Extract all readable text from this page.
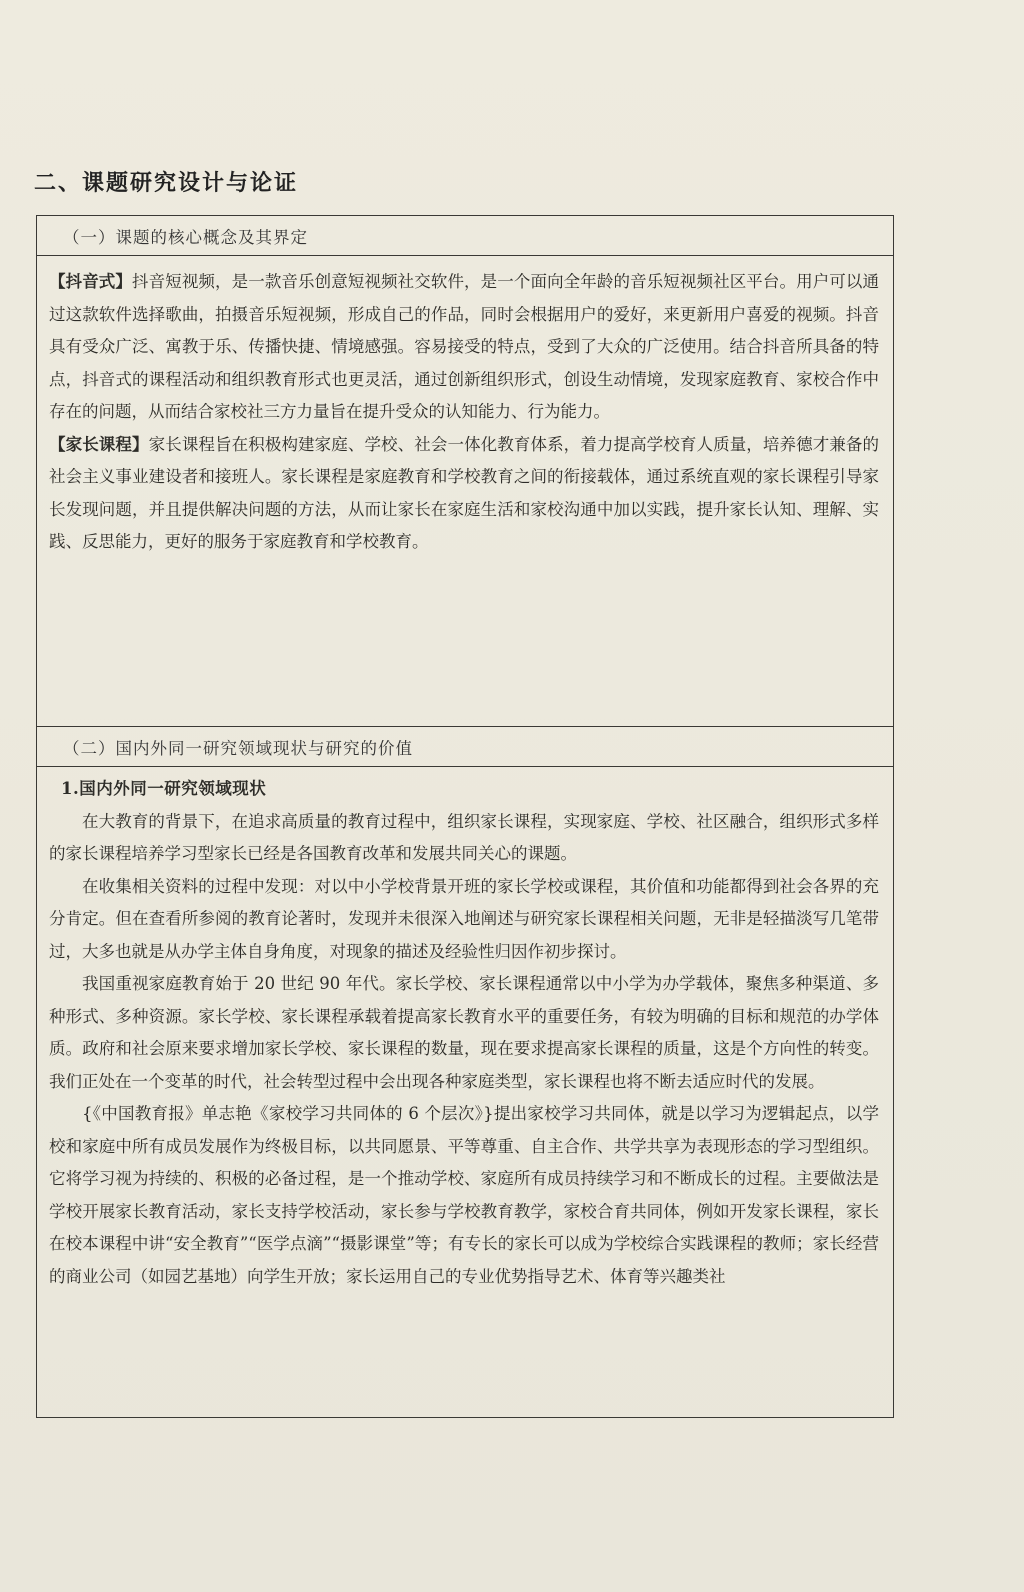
二、课题研究设计与论证
（一）课题的核心概念及其界定

【抖音式】抖音短视频，是一款音乐创意短视频社交软件，是一个面向全年龄的音乐短视频社区平台。用户可以通过这款软件选择歌曲，拍摄音乐短视频，形成自己的作品，同时会根据用户的爱好，来更新用户喜爱的视频。抖音具有受众广泛、寓教于乐、传播快捷、情境感强。容易接受的特点，受到了大众的广泛使用。结合抖音所具备的特点，抖音式的课程活动和组织教育形式也更灵活，通过创新组织形式，创设生动情境，发现家庭教育、家校合作中存在的问题，从而结合家校社三方力量旨在提升受众的认知能力、行为能力。

【家长课程】家长课程旨在积极构建家庭、学校、社会一体化教育体系，着力提高学校育人质量，培养德才兼备的社会主义事业建设者和接班人。家长课程是家庭教育和学校教育之间的衔接载体，通过系统直观的家长课程引导家长发现问题，并且提供解决问题的方法，从而让家长在家庭生活和家校沟通中加以实践，提升家长认知、理解、实践、反思能力，更好的服务于家庭教育和学校教育。

（二）国内外同一研究领域现状与研究的价值

1.国内外同一研究领域现状

在大教育的背景下，在追求高质量的教育过程中，组织家长课程，实现家庭、学校、社区融合，组织形式多样的家长课程培养学习型家长已经是各国教育改革和发展共同关心的课题。

在收集相关资料的过程中发现：对以中小学校背景开班的家长学校或课程，其价值和功能都得到社会各界的充分肯定。但在查看所参阅的教育论著时，发现并未很深入地阐述与研究家长课程相关问题，无非是轻描淡写几笔带过，大多也就是从办学主体自身角度，对现象的描述及经验性归因作初步探讨。

我国重视家庭教育始于 20 世纪 90 年代。家长学校、家长课程通常以中小学为办学载体，聚焦多种渠道、多种形式、多种资源。家长学校、家长课程承载着提高家长教育水平的重要任务，有较为明确的目标和规范的办学体质。政府和社会原来要求增加家长学校、家长课程的数量，现在要求提高家长课程的质量，这是个方向性的转变。我们正处在一个变革的时代，社会转型过程中会出现各种家庭类型，家长课程也将不断去适应时代的发展。

{《中国教育报》单志艳《家校学习共同体的 6 个层次》}提出家校学习共同体，就是以学习为逻辑起点，以学校和家庭中所有成员发展作为终极目标，以共同愿景、平等尊重、自主合作、共学共享为表现形态的学习型组织。它将学习视为持续的、积极的必备过程，是一个推动学校、家庭所有成员持续学习和不断成长的过程。主要做法是学校开展家长教育活动，家长支持学校活动，家长参与学校教育教学，家校合育共同体，例如开发家长课程，家长在校本课程中讲“安全教育”“医学点滴”“摄影课堂”等；有专长的家长可以成为学校综合实践课程的教师；家长经营的商业公司（如园艺基地）向学生开放；家长运用自己的专业优势指导艺术、体育等兴趣类社
